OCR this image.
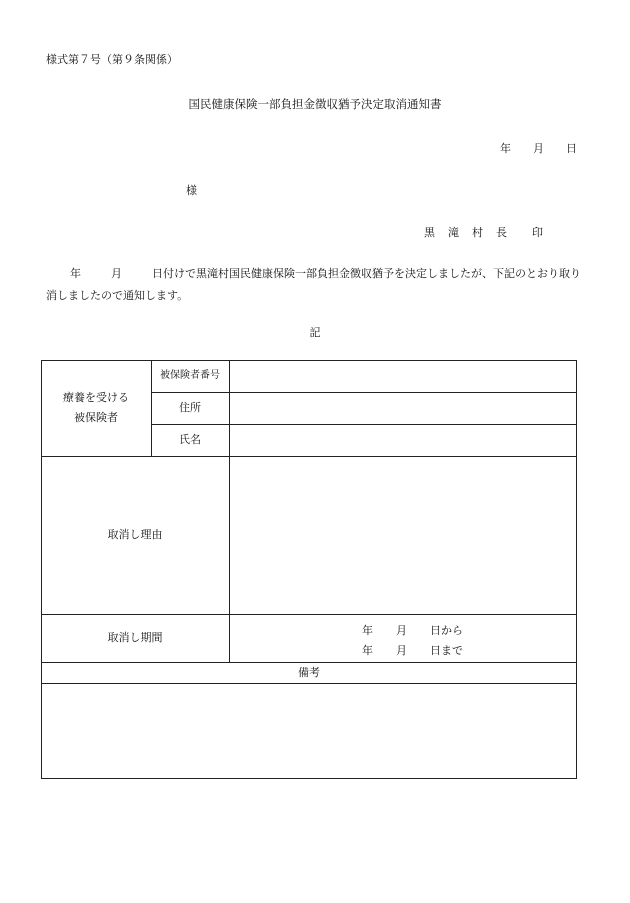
様式第７号（第９条関係）
国民健康保険一部負担金徴収猶予決定取消通知書
年 月 日
様
黒 滝 村 長 印
年	月	日付けで黒滝村国民健康保険一部負担金徴収猶予を決定しましたが、下記のとおり取り消しましたので通知します。
記
療養を受ける
被保険者
被保険者番号
住所
氏名
取消し理由
取消し期間
年 月 日から
年 月 日まで
備考
